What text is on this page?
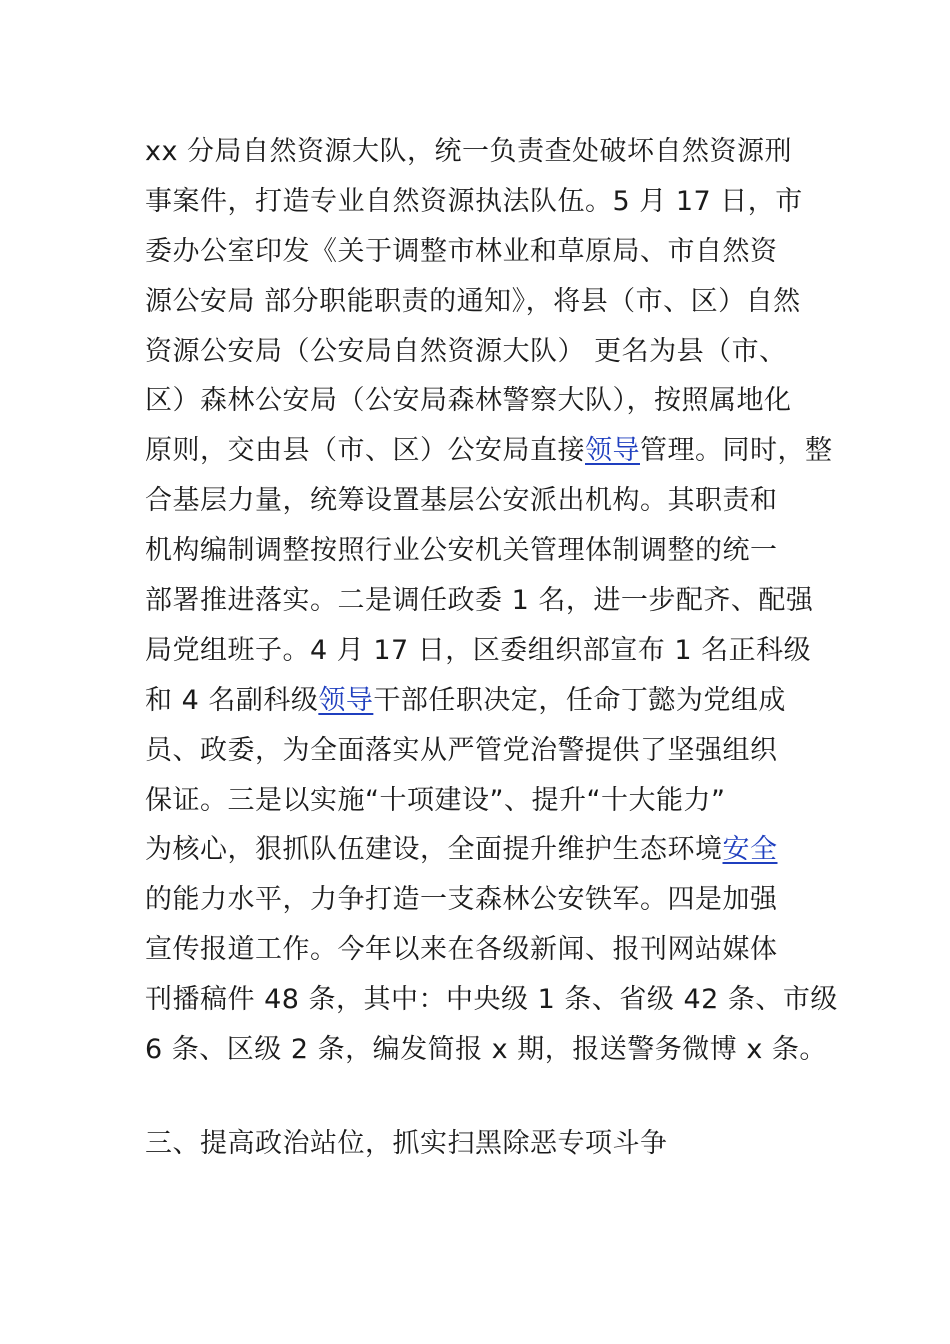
xx 分局自然资源大队，统一负责查处破坏自然资源刑
事案件，打造专业自然资源执法队伍。5 月 17 日，市
委办公室印发《关于调整市林业和草原局、市自然资
源公安局 部分职能职责的通知》，将县（市、区）自然
资源公安局（公安局自然资源大队） 更名为县（市、
区）森林公安局（公安局森林警察大队），按照属地化
原则，交由县（市、区）公安局直接领导管理。同时，整
合基层力量，统筹设置基层公安派出机构。其职责和
机构编制调整按照行业公安机关管理体制调整的统一
部署推进落实。二是调任政委 1 名，进一步配齐、配强
局党组班子。4 月 17 日，区委组织部宣布 1 名正科级
和 4 名副科级领导干部任职决定，任命丁懿为党组成
员、政委，为全面落实从严管党治警提供了坚强组织
保证。三是以实施“十项建设”、提升“十大能力”
为核心，狠抓队伍建设，全面提升维护生态环境安全
的能力水平，力争打造一支森林公安铁军。四是加强
宣传报道工作。今年以来在各级新闻、报刊网站媒体
刊播稿件 48 条，其中：中央级 1 条、省级 42 条、市级
6 条、区级 2 条，编发简报 x 期，报送警务微博 x 条。
三、提高政治站位，抓实扫黑除恶专项斗争
